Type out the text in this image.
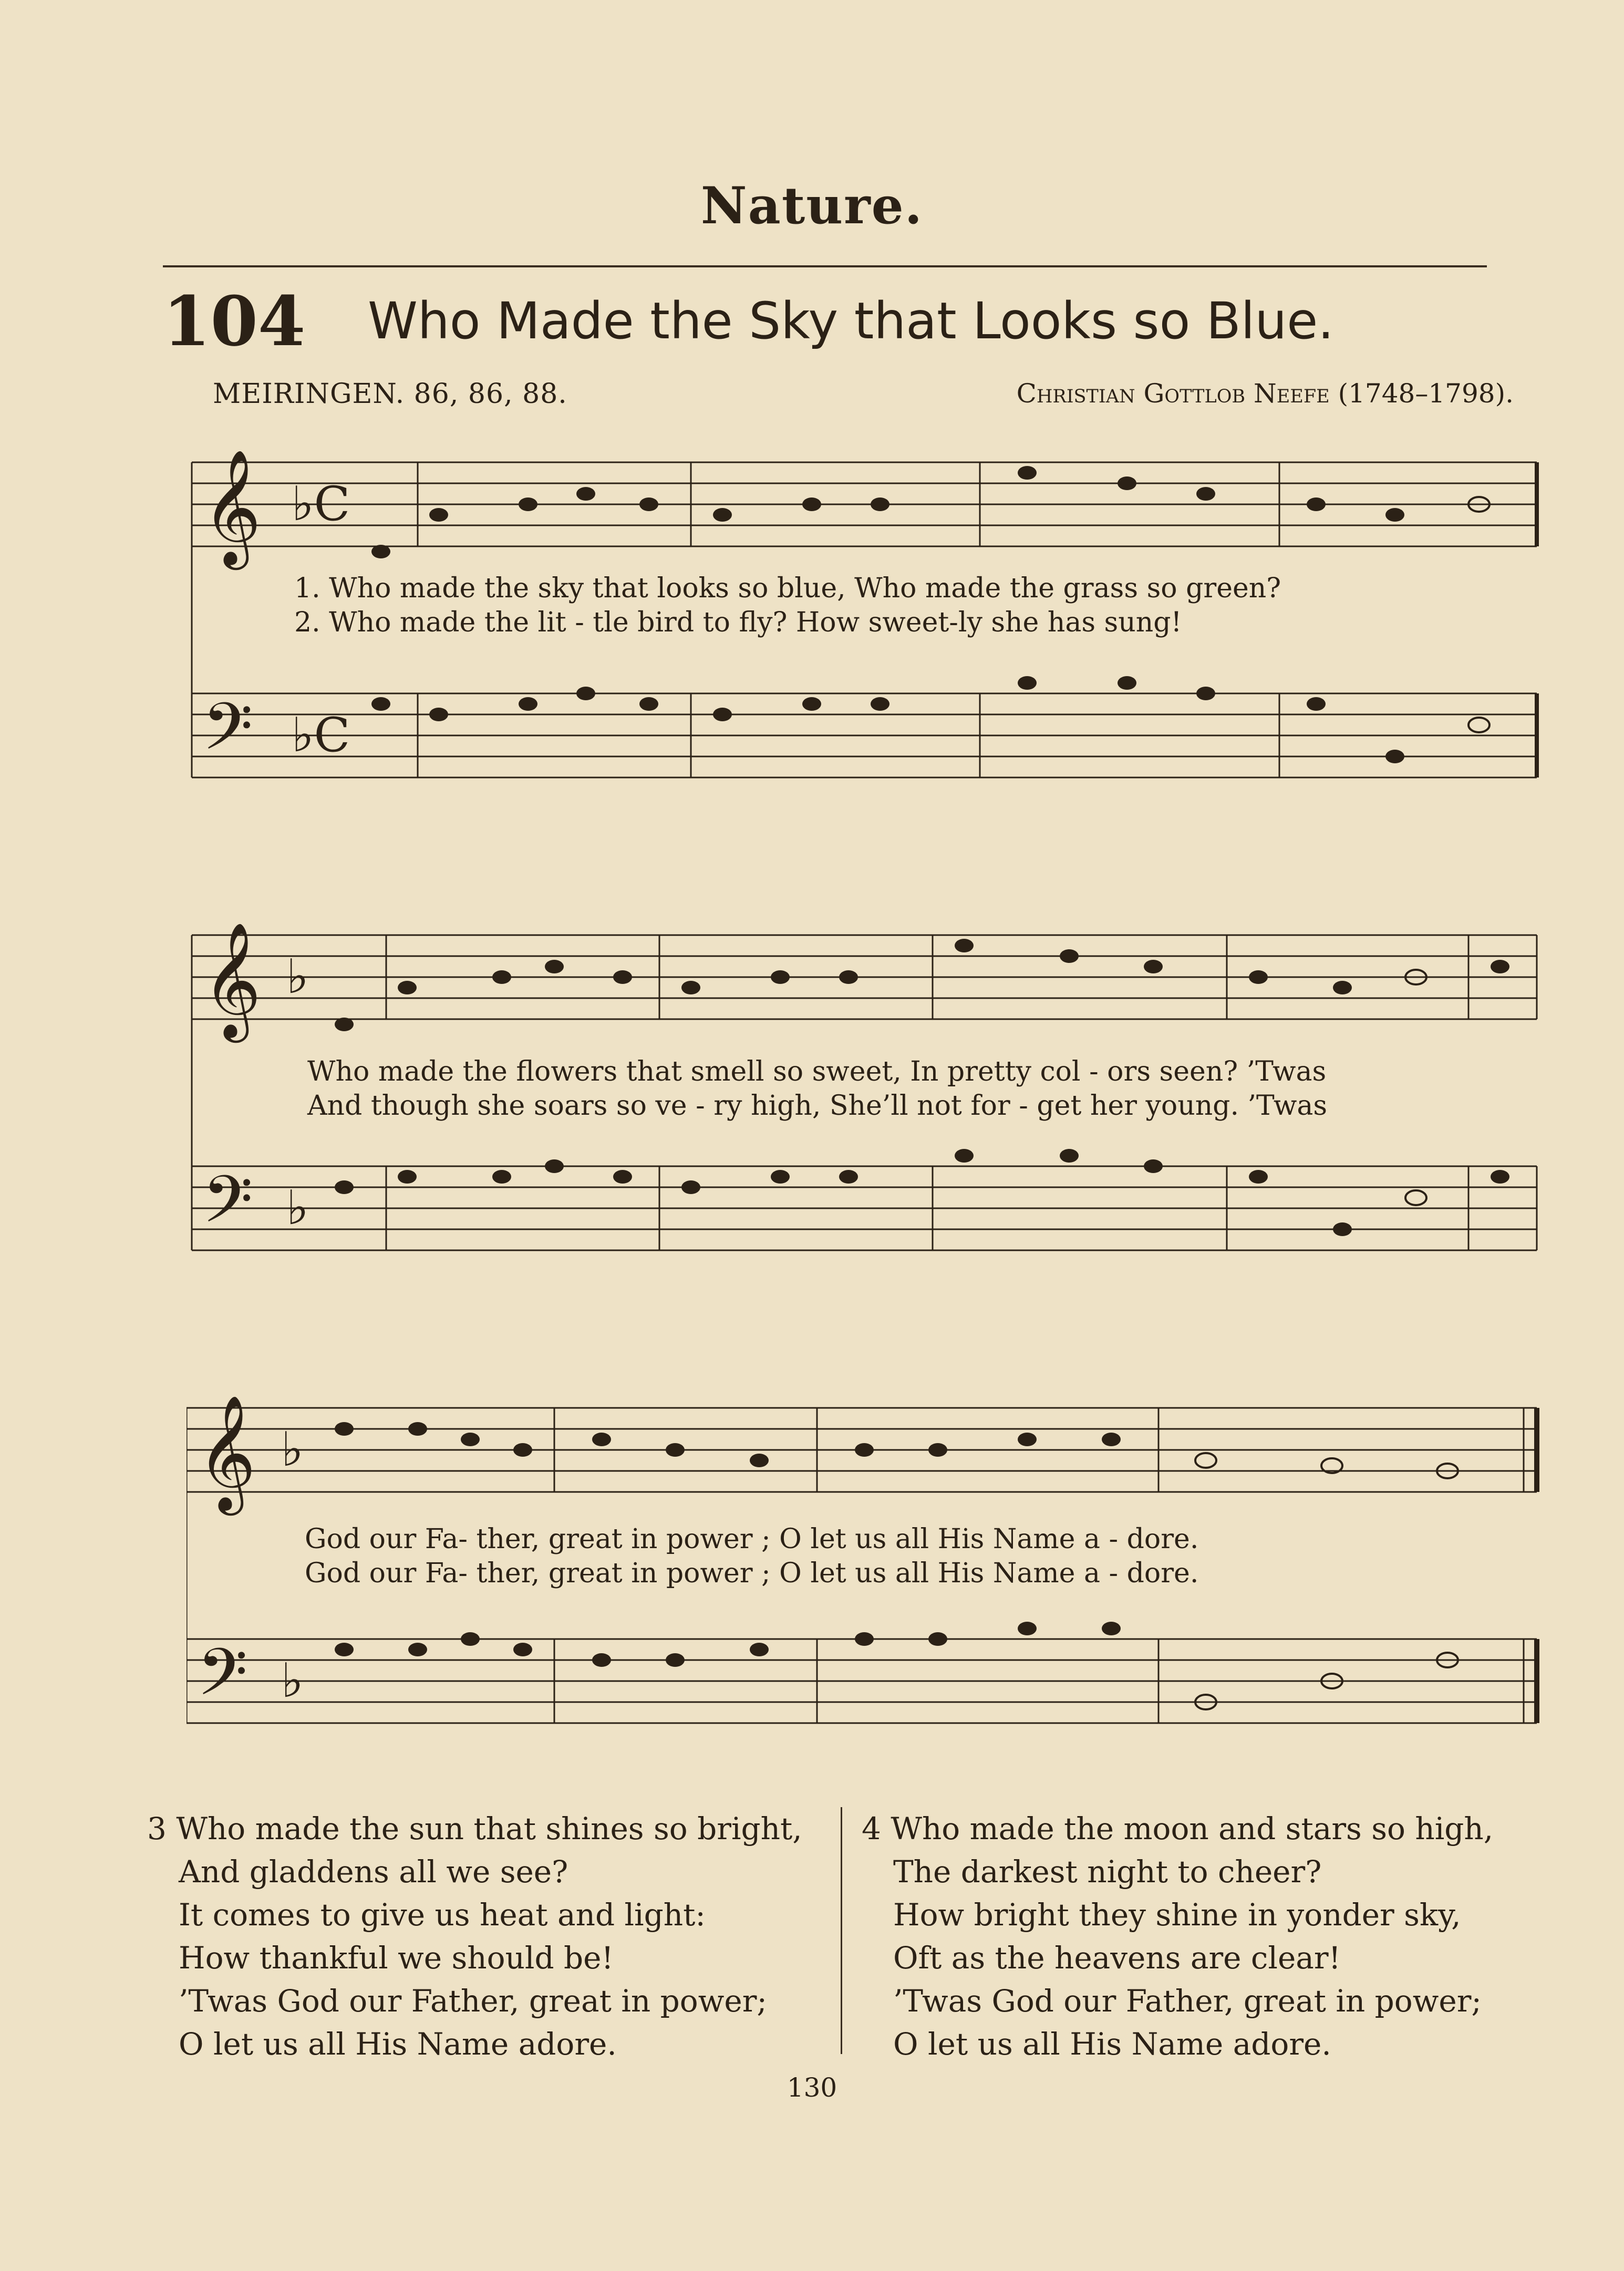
Nature.
104 Who Made the Sky that Looks so Blue.
MEIRINGEN. 86, 86, 88.	Christian Gottlob Neefe (1748–1798).
𝄞
𝄢
♭C
♭C
1. Who made the sky that looks so blue, Who made the grass so green?
2. Who made the lit - tle bird to fly? How sweet-ly she has sung!
𝄞
𝄢
♭
♭
Who made the flowers that smell so sweet, In pretty col - ors seen? ’Twas
And though she soars so ve - ry high, She’ll not for - get her young. ’Twas
𝄞
𝄢
♭
♭
God our Fa- ther, great in power ; O let us all His Name a - dore.
God our Fa- ther, great in power ; O let us all His Name a - dore.
3 Who made the sun that shines so bright,
And gladdens all we see?
It comes to give us heat and light:
How thankful we should be!
’Twas God our Father, great in power;
O let us all His Name adore.
4 Who made the moon and stars so high,
The darkest night to cheer?
How bright they shine in yonder sky,
Oft as the heavens are clear!
’Twas God our Father, great in power;
O let us all His Name adore.
130
